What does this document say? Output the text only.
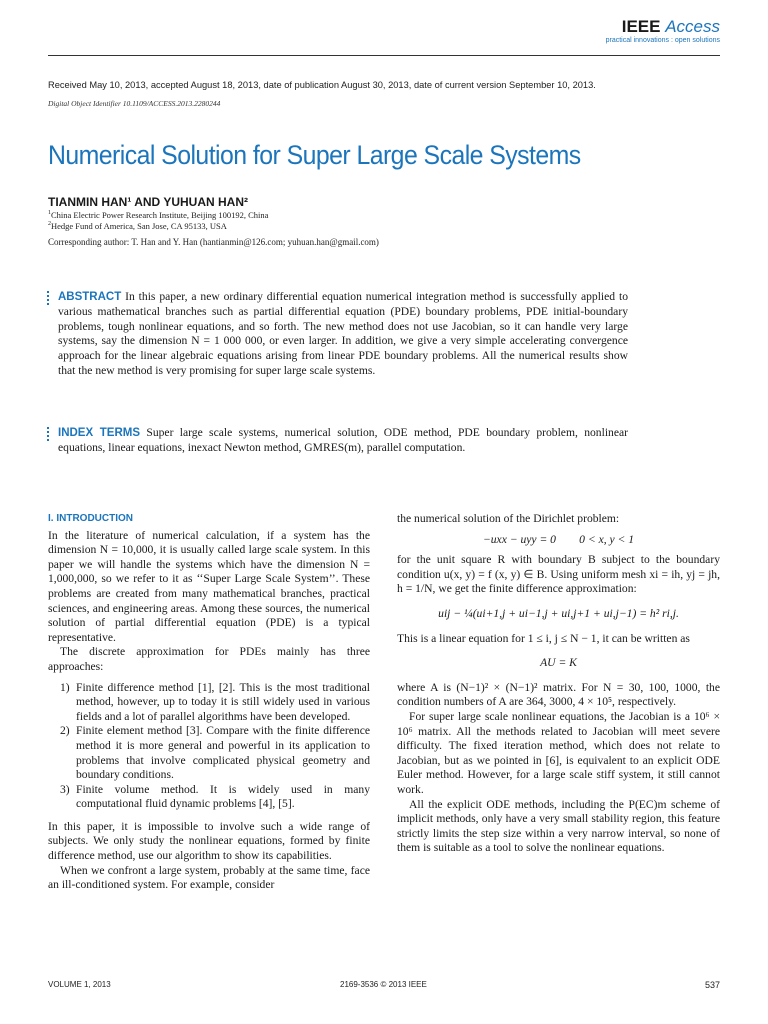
IEEE Access
practical innovations : open solutions
Received May 10, 2013, accepted August 18, 2013, date of publication August 30, 2013, date of current version September 10, 2013.
Digital Object Identifier 10.1109/ACCESS.2013.2280244
Numerical Solution for Super Large Scale Systems
TIANMIN HAN¹ AND YUHUAN HAN²
$^1$China Electric Power Research Institute, Beijing 100192, China
$^2$Hedge Fund of America, San Jose, CA 95133, USA
Corresponding author: T. Han and Y. Han (hantianmin@126.com; yuhuan.han@gmail.com)
ABSTRACT In this paper, a new ordinary differential equation numerical integration method is successfully applied to various mathematical branches such as partial differential equation (PDE) boundary problems, PDE initial-boundary problems, tough nonlinear equations, and so forth. The new method does not use Jacobian, so it can handle very large systems, say the dimension N = 1 000 000, or even larger. In addition, we give a very simple accelerating convergence approach for the linear algebraic equations arising from linear PDE boundary problems. All the numerical results show that the new method is very promising for super large scale systems.
INDEX TERMS Super large scale systems, numerical solution, ODE method, PDE boundary problem, nonlinear equations, linear equations, inexact Newton method, GMRES(m), parallel computation.
I. INTRODUCTION

In the literature of numerical calculation, if a system has the dimension N = 10,000, it is usually called large scale system. In this paper we will handle the systems which have the dimension N = 1,000,000, so we refer to it as ‘‘Super Large Scale System’’. These problems are created from many mathematical branches, practical sciences, and engineering areas. Among these sources, the numerical solution of partial differential equation (PDE) is a typical representative.

The discrete approximation for PDEs mainly has three approaches:

1) Finite difference method [1], [2]. This is the most traditional method, however, up to today it is still widely used in various fields and a lot of parallel algorithms have been developed.
2) Finite element method [3]. Compare with the finite difference method it is more general and powerful in its application to problems that involve complicated physical geometry and boundary conditions.
3) Finite volume method. It is widely used in many computational fluid dynamic problems [4], [5].

In this paper, it is impossible to involve such a wide range of subjects. We only study the nonlinear equations, formed by finite difference method, use our algorithm to show its capabilities.

When we confront a large system, probably at the same time, face an ill-conditioned system. For example, consider

the numerical solution of the Dirichlet problem:

−uxx − uyy = 0        0 < x, y < 1

for the unit square R with boundary B subject to the boundary condition u(x, y) = f (x, y) ∈ B. Using uniform mesh xi = ih, yj = jh, h = 1/N, we get the finite difference approximation:

uij − ¼(ui+1,j + ui−1,j + ui,j+1 + ui,j−1) = h² ri,j.

This is a linear equation for 1 ≤ i, j ≤ N − 1, it can be written as

AU = K

where A is (N−1)² × (N−1)² matrix. For N = 30, 100, 1000, the condition numbers of A are 364, 3000, 4 × 10⁵, respectively.

For super large scale nonlinear equations, the Jacobian is a 10⁶ × 10⁶ matrix. All the methods related to Jacobian will meet severe difficulty. The fixed iteration method, which does not relate to Jacobian, but as we pointed in [6], is equivalent to an explicit ODE Euler method. However, for a large scale stiff system, it still cannot work.

All the explicit ODE methods, including the P(EC)m scheme of implicit methods, only have a very small stability region, this feature strictly limits the step size within a very narrow interval, so none of them is suitable as a tool to solve the nonlinear equations.

VOLUME 1, 2013	2169-3536 © 2013 IEEE	537
